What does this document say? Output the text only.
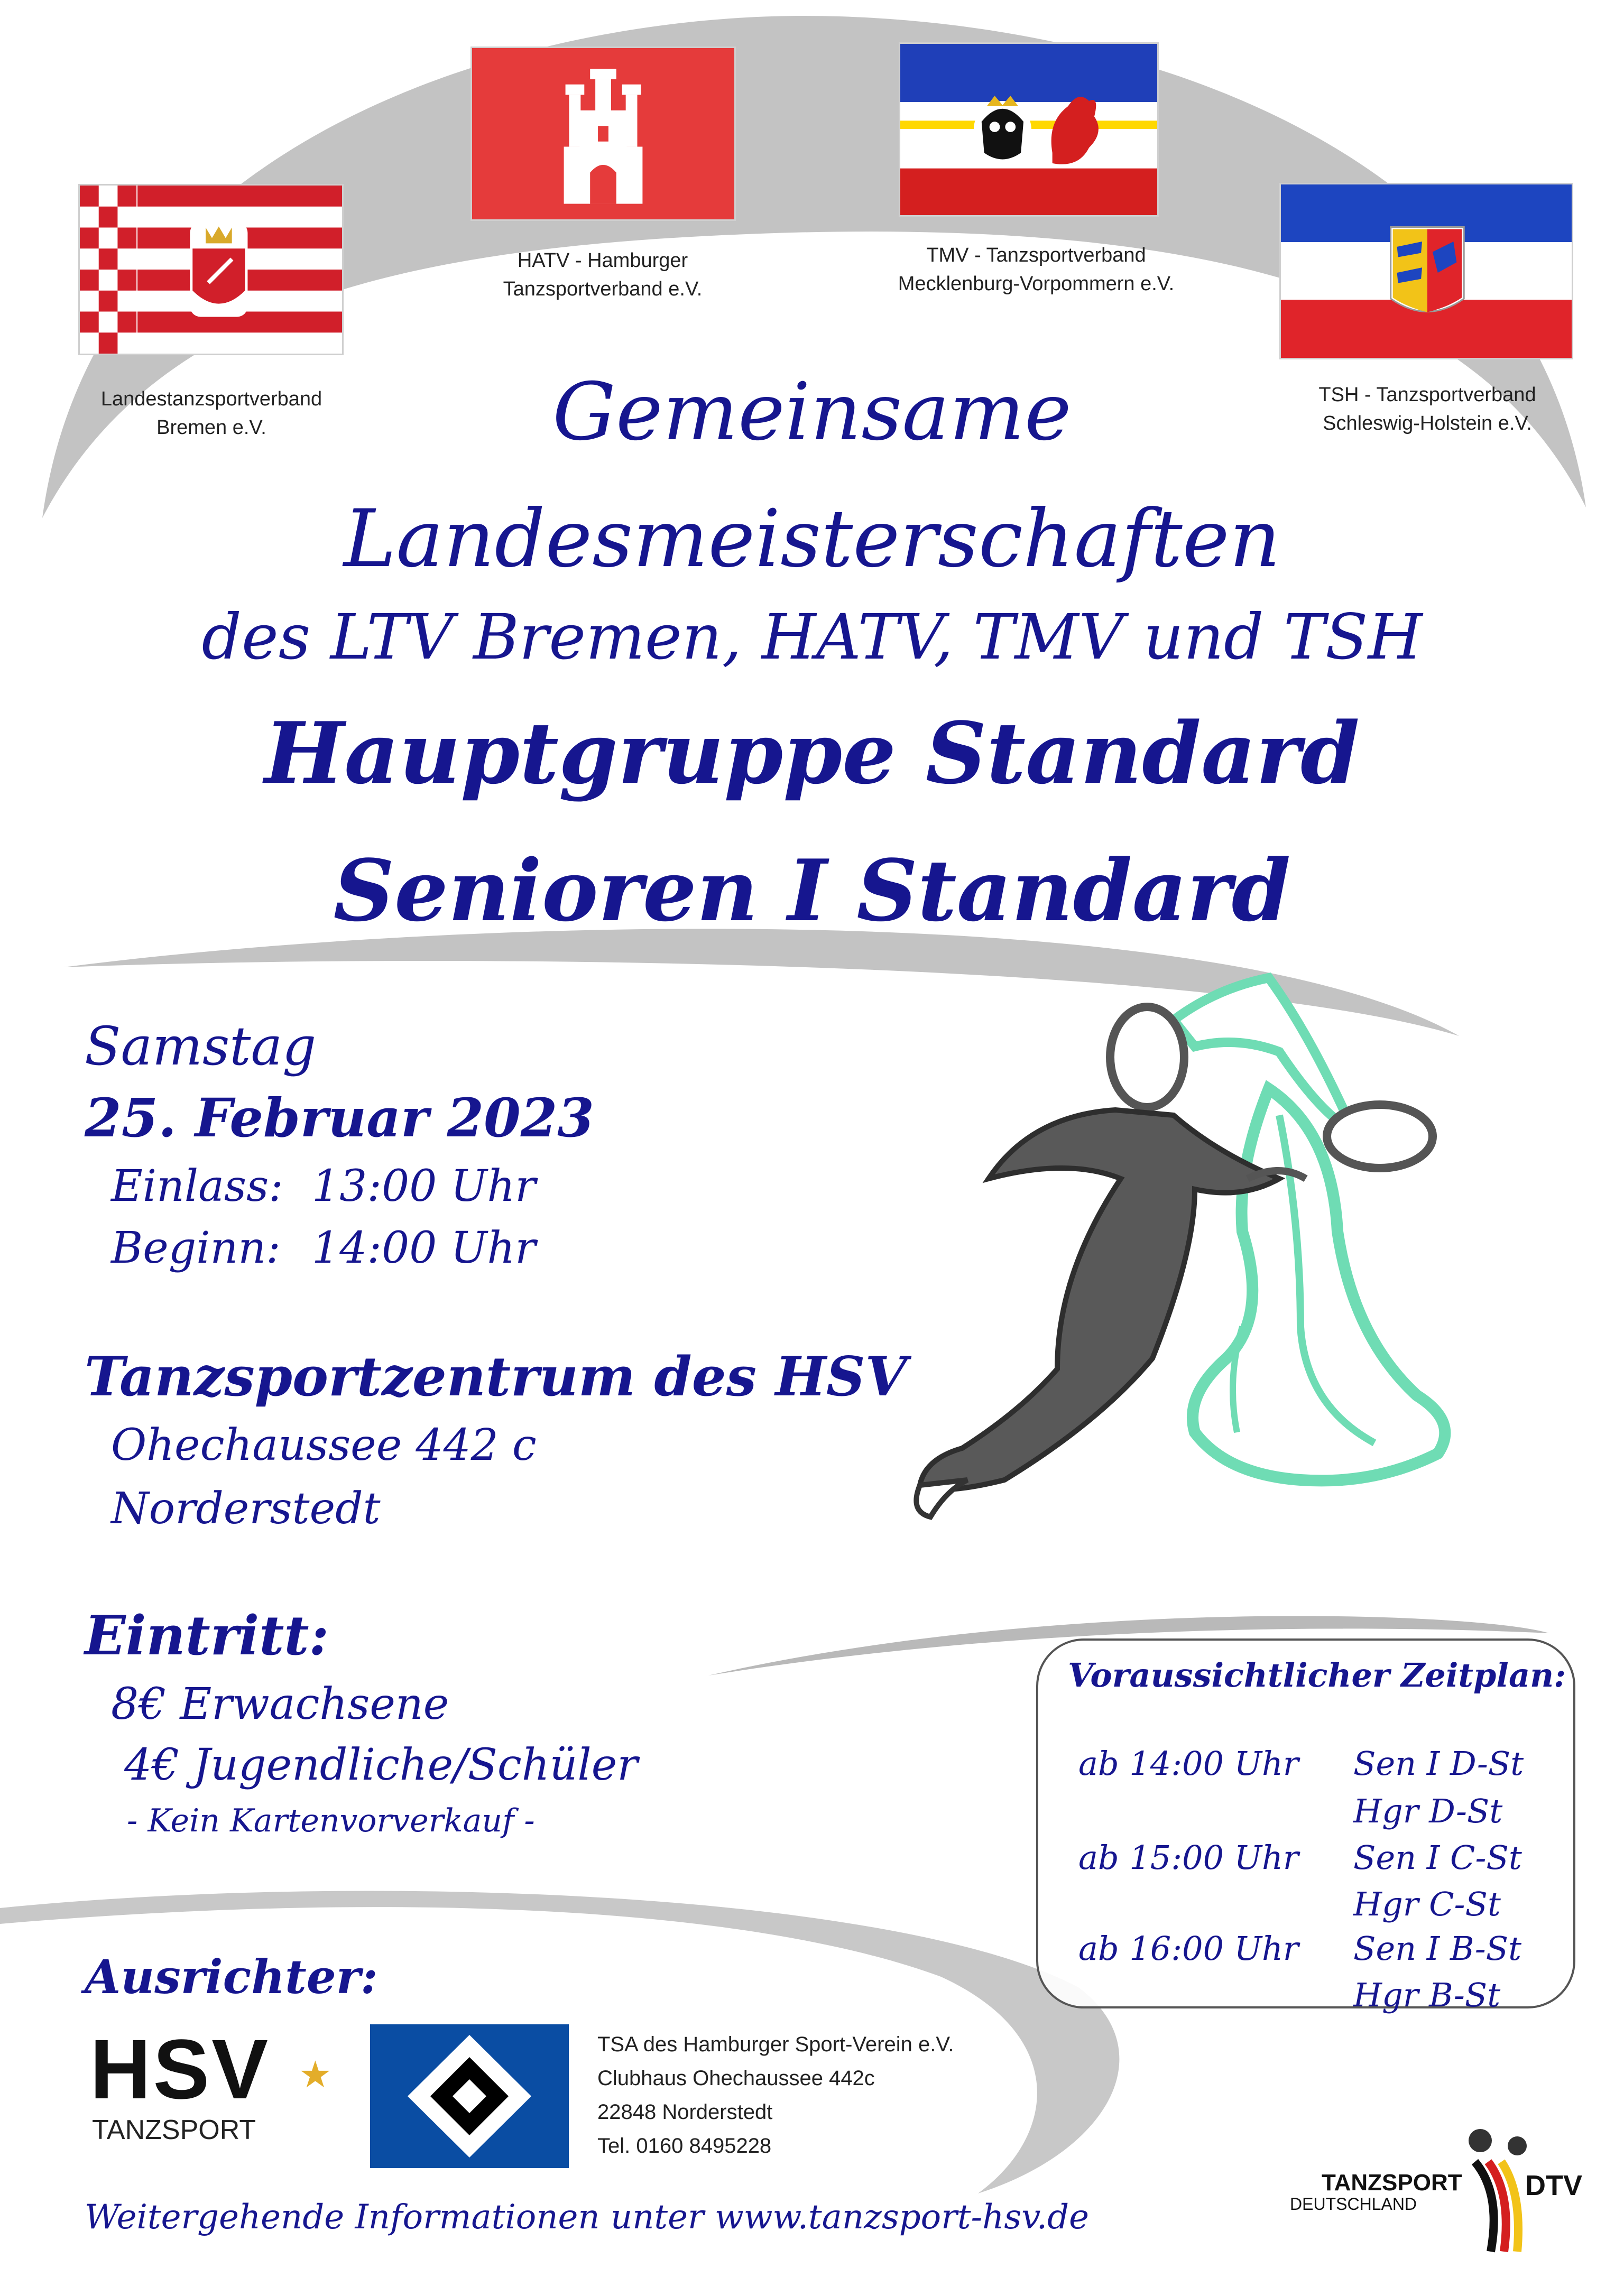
Landestanzsportverband
Bremen e.V.
HATV - Hamburger
Tanzsportverband e.V.
TMV - Tanzsportverband
Mecklenburg-Vorpommern e.V.
TSH - Tanzsportverband
Schleswig-Holstein e.V.
Gemeinsame
Landesmeisterschaften
des LTV Bremen, HATV, TMV und TSH
Hauptgruppe Standard
Senioren I Standard
Samstag
25. Februar 2023
Einlass: 13:00 Uhr
Beginn: 14:00 Uhr
Tanzsportzentrum des HSV
Ohechaussee 442 c
Norderstedt
Eintritt:
8€ Erwachsene
4€ Jugendliche/Schüler
- Kein Kartenvorverkauf -
Voraussichtlicher Zeitplan:
ab 14:00 Uhr Sen I D-St
Hgr D-St
ab 15:00 Uhr Sen I C-St
Hgr C-St
ab 16:00 Uhr Sen I B-St
Hgr B-St
Ausrichter:
HSV ★
TANZSPORT
TSA des Hamburger Sport-Verein e.V.
Clubhaus Ohechaussee 442c
22848 Norderstedt
Tel. 0160 8495228
TANZSPORT
DEUTSCHLAND
DTV
Weitergehende Informationen unter www.tanzsport-hsv.de
